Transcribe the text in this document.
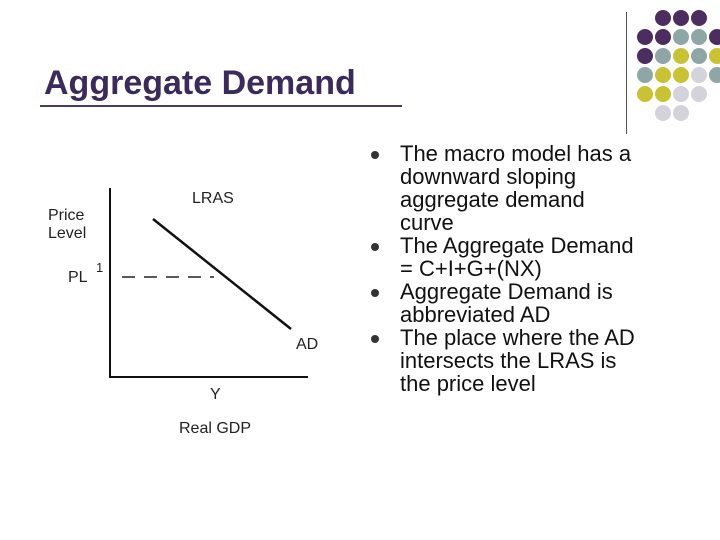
Aggregate Demand
Price
Level
LRAS
PL
1
AD
Y
Real GDP
The macro model has a
downward sloping
aggregate demand
curve
The Aggregate Demand
= C+I+G+(NX)
Aggregate Demand is
abbreviated AD
The place where the AD
intersects the LRAS is
the price level
